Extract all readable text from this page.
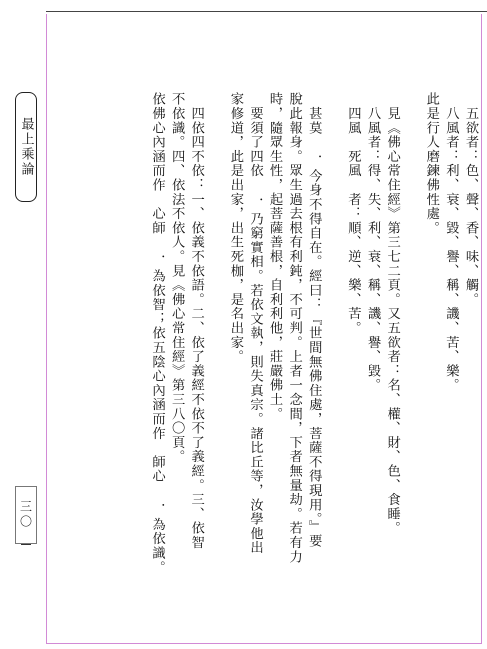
最上乘論
三〇

　五欲者：色、聲、香、味、觸。

　八風者：利、衰、毀、譽、稱、譏、苦、樂。

此是行人磨鍊佛性處。

　見《佛心常住經》第三七二頁。又五欲者：名、權、財、色、食睡。

　八風者：得、失、利、衰、稱、譏、譽、毀。

　四風　死風　者：順、逆、樂、苦。

　甚莫　 ．今身不得自在。經曰：『世間無佛住處，菩薩不得現用。』要

脫此報身。眾生過去根有利鈍，不可判。上者一念間，下者無量劫。若有力

時，隨眾生性，起菩薩善根，自利利他，莊嚴佛土。

　要須了四依　 ．乃窮實相。若依文執，則失真宗。諸比丘等，汝學他出

家修道，此是出家，出生死枷，是名出家。

　四依四不依：一、依義不依語。二、依了義經不依不了義經。三、依智

不依識。四、依法不依人。見《佛心常住經》第三八〇頁。

依佛心內涵而作　心師　 ．為依智；依五陰心內涵而作　師心　 ．為依識。
